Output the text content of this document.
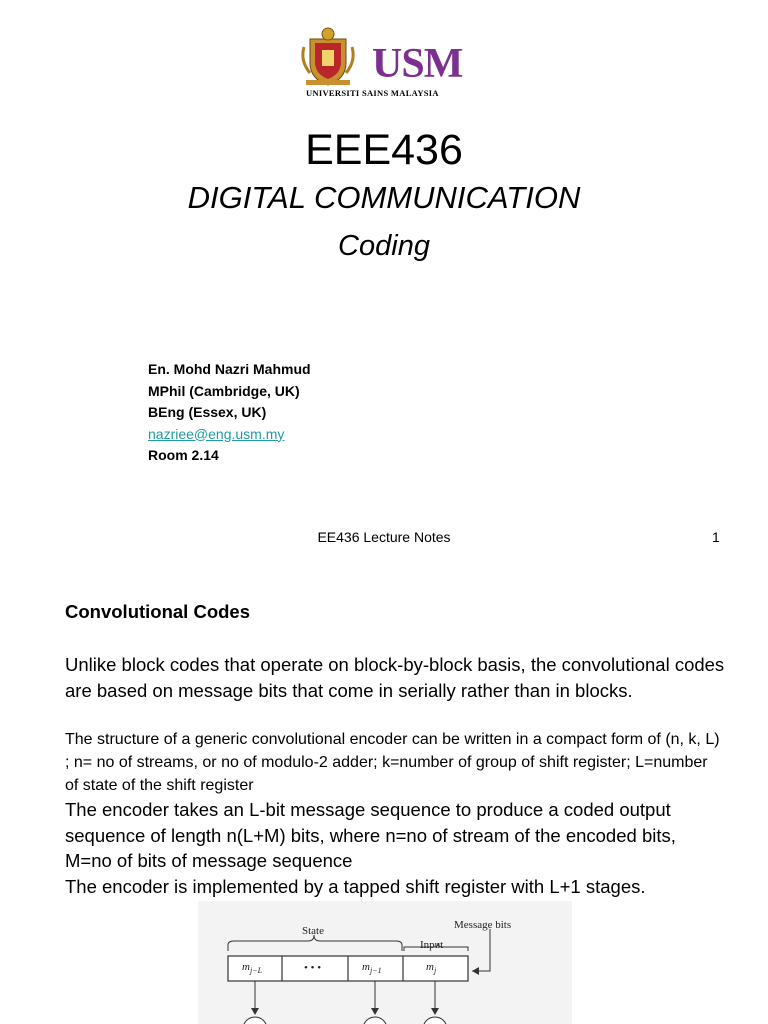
USM
UNIVERSITI SAINS MALAYSIA
EEE436
DIGITAL COMMUNICATION
Coding
En. Mohd Nazri Mahmud
MPhil (Cambridge, UK)
BEng (Essex, UK)
nazriee@eng.usm.my
Room 2.14
EE436 Lecture Notes	1
Convolutional Codes
Unlike block codes that operate on block-by-block basis, the convolutional codes are based on message bits that come in serially rather than in blocks.
The structure of a generic convolutional encoder can be written in a compact form of (n, k, L) ; n= no of streams, or no of modulo-2 adder; k=number of group of shift register; L=number of state of the shift register
The encoder takes an L-bit message sequence to produce a coded output sequence of length n(L+M) bits, where n=no of stream of the encoded bits, M=no of bits of message sequence
The encoder is implemented by a tapped shift register with L+1 stages.
State
Input
Message bits
$m_{j-L}$	• • •	$m_{j-1}$	$m_j$
